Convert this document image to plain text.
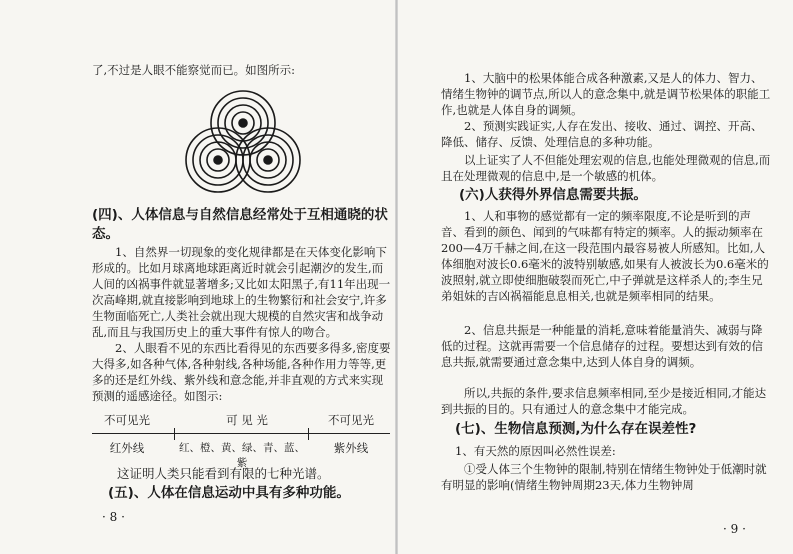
了,不过是人眼不能察觉而已。如图所示:

(四)、人体信息与自然信息经常处于互相通晓的状态。

1、自然界一切现象的变化规律都是在天体变化影响下形成的。比如月球离地球距离近时就会引起潮汐的发生,而人间的凶祸事件就显著增多;又比如太阳黑子,有11年出现一次高峰期,就直接影响到地球上的生物繁衍和社会安宁,许多生物面临死亡,人类社会就出现大规模的自然灾害和战争动乱,而且与我国历史上的重大事件有惊人的吻合。

2、人眼看不见的东西比看得见的东西要多得多,密度要大得多,如各种气体,各种射线,各种场能,各种作用力等等,更多的还是红外线、紫外线和意念能,并非直观的方式来实现预测的遥感途径。如图示:

不可见光	可 见 光	不可见光
红外线	红、橙、黄、绿、青、蓝、紫
紫外线

这证明人类只能看到有限的七种光谱。

(五)、人体在信息运动中具有多种功能。

· 8 ·

1、大脑中的松果体能合成各种激素,又是人的体力、智力、情绪生物钟的调节点,所以人的意念集中,就是调节松果体的职能工作,也就是人体自身的调频。

2、预测实践证实,人存在发出、接收、通过、调控、开高、降低、储存、反馈、处理信息的多种功能。

以上证实了人不但能处理宏观的信息,也能处理微观的信息,而且在处理微观的信息中,是一个敏感的机体。

(六)人获得外界信息需要共振。

1、人和事物的感觉都有一定的频率限度,不论是听到的声音、看到的颜色、闻到的气味都有特定的频率。人的振动频率在200—4万千赫之间,在这一段范围内最容易被人所感知。比如,人体细胞对波长0.6毫米的波特别敏感,如果有人被波长为0.6毫米的波照射,就立即使细胞破裂而死亡,中子弹就是这样杀人的;李生兄弟姐妹的吉凶祸福能息息相关,也就是频率相同的结果。

2、信息共振是一种能量的消耗,意味着能量消失、减弱与降低的过程。这就再需要一个信息储存的过程。要想达到有效的信息共振,就需要通过意念集中,达到人体自身的调频。

所以,共振的条件,要求信息频率相同,至少是接近相同,才能达到共振的目的。只有通过人的意念集中才能完成。

(七)、生物信息预测,为什么存在误差性?

1、有天然的原因叫必然性误差:

①受人体三个生物钟的限制,特别在情绪生物钟处于低潮时就有明显的影响(情绪生物钟周期23天,体力生物钟周

· 9 ·
